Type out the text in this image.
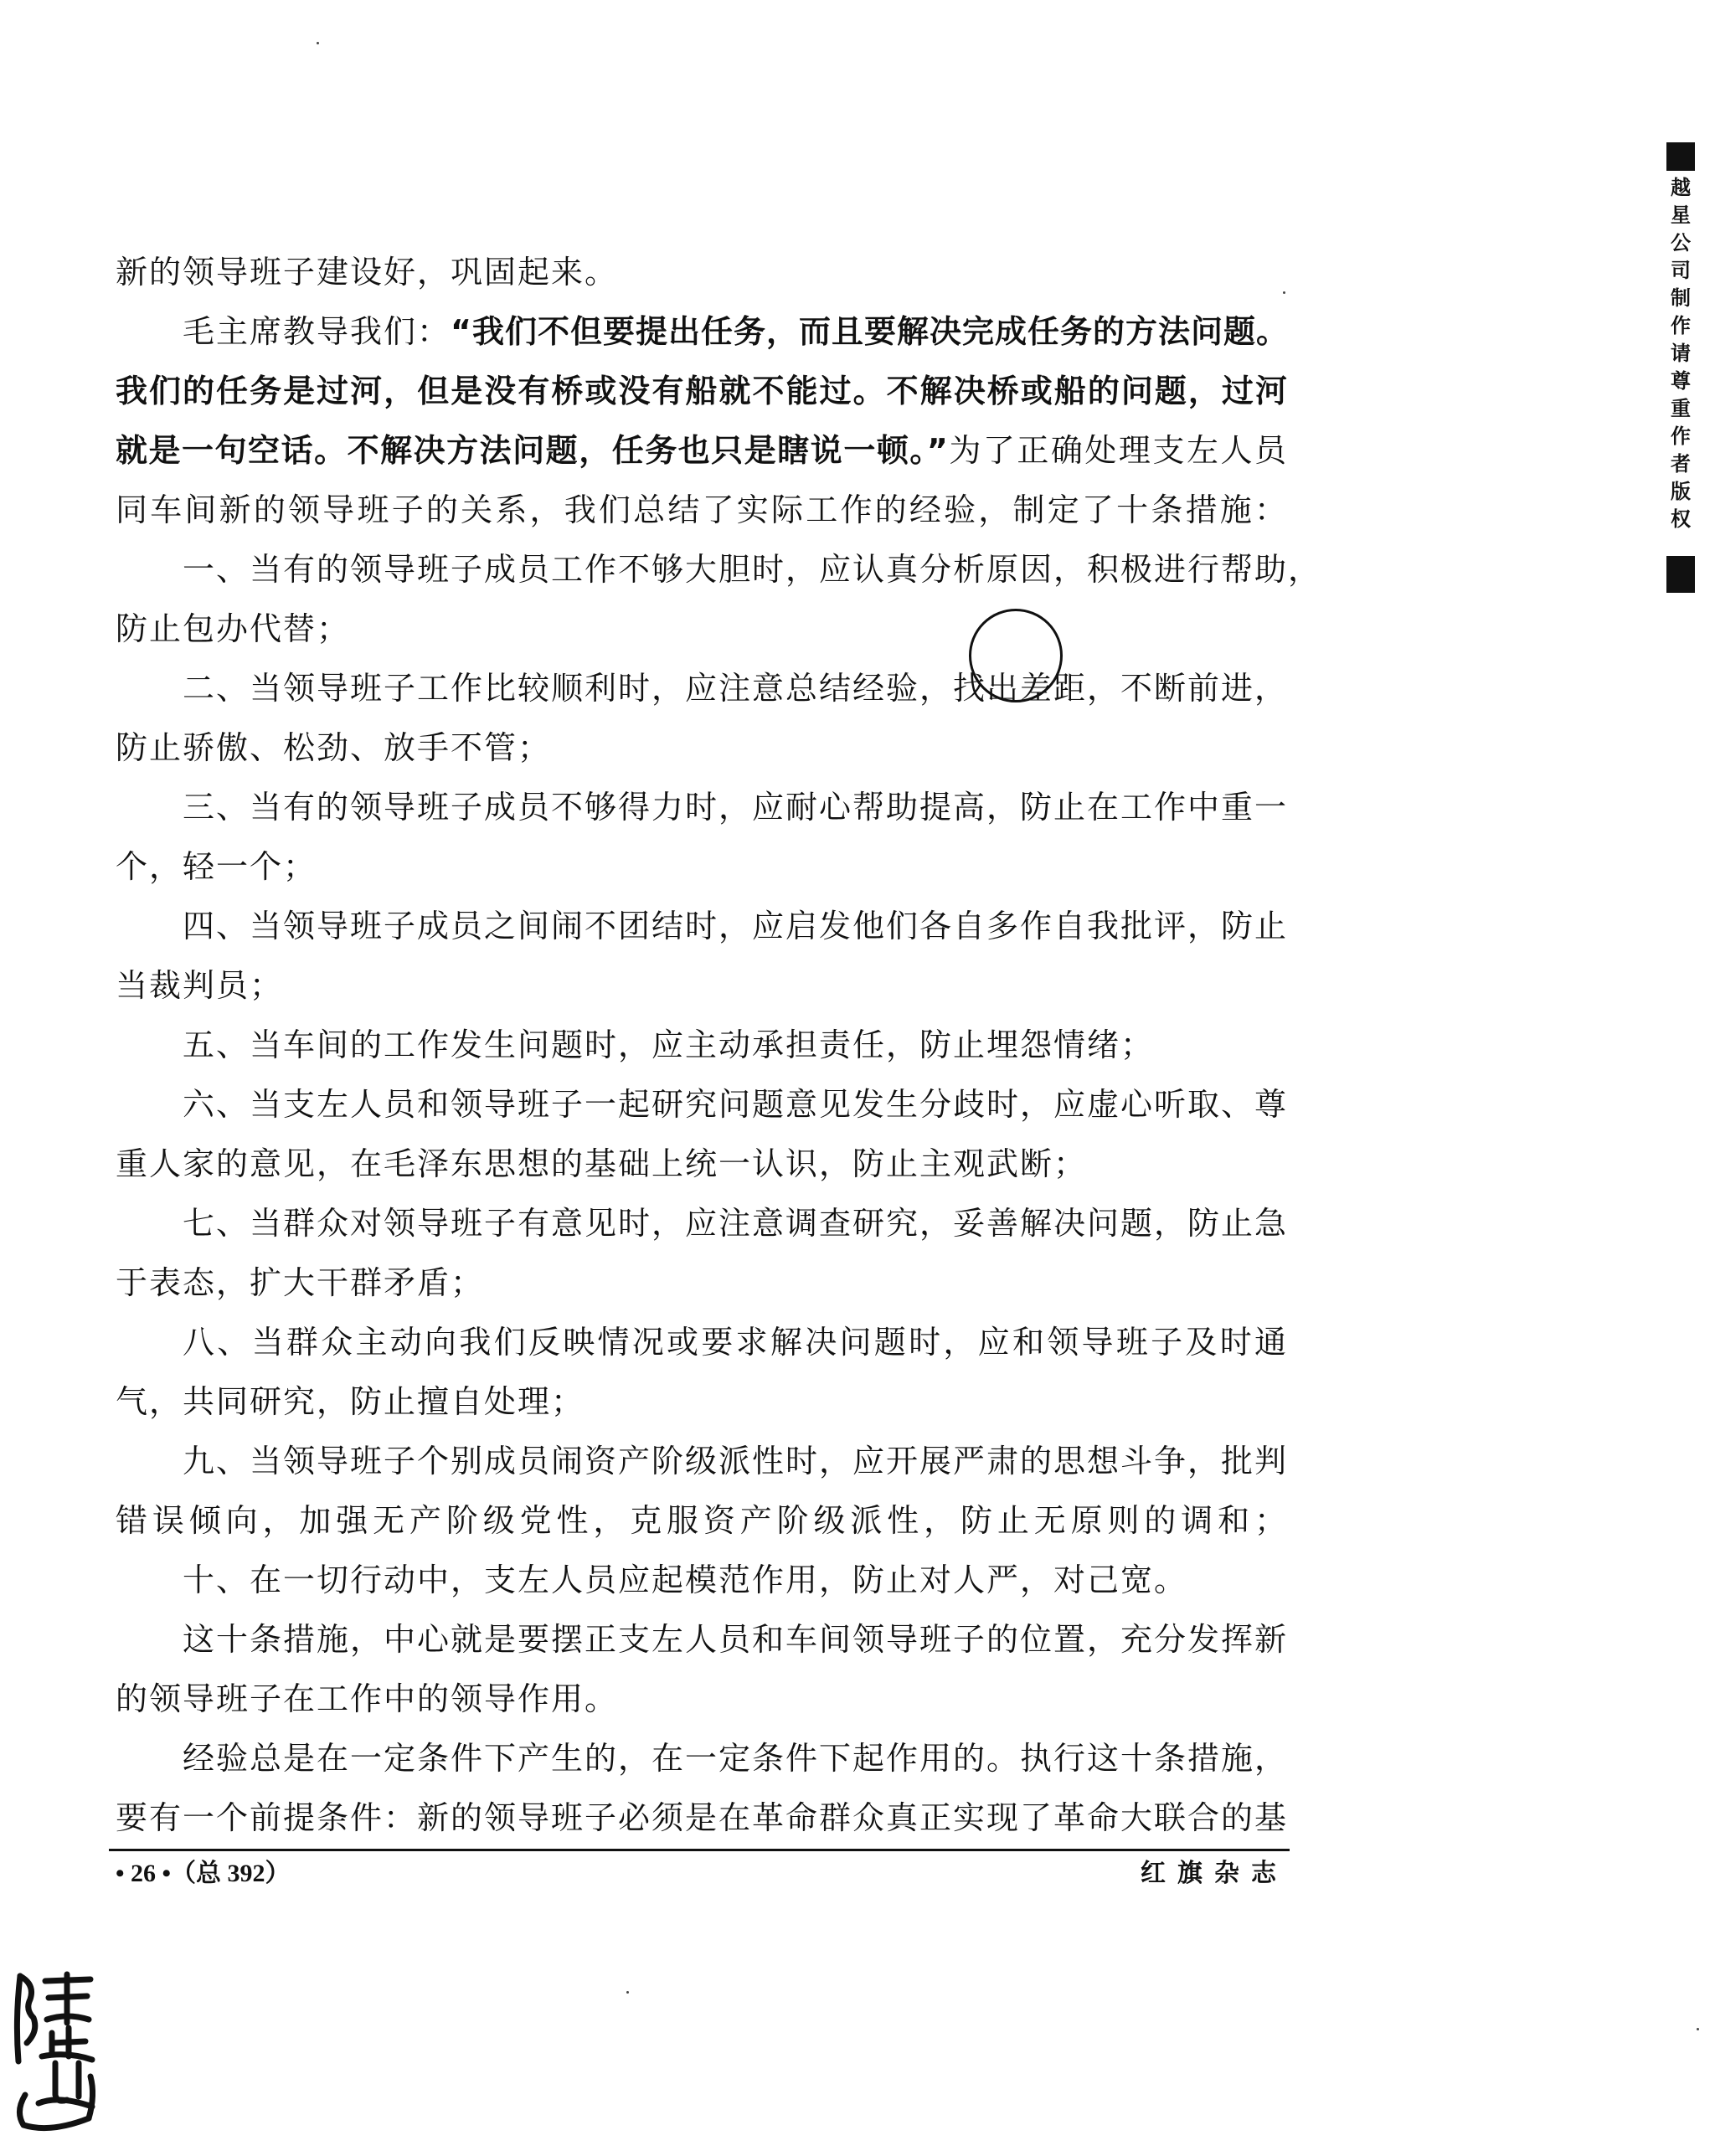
越
星
公
司
制
作
请
尊
重
作
者
版
权
新的领导班子建设好，巩固起来。
毛主席教导我们：“我们不但要提出任务，而且要解决完成任务的方法问题。
我们的任务是过河，但是没有桥或没有船就不能过。不解决桥或船的问题，过河
就是一句空话。不解决方法问题，任务也只是瞎说一顿。”为了正确处理支左人员
同车间新的领导班子的关系，我们总结了实际工作的经验，制定了十条措施：
一、当有的领导班子成员工作不够大胆时，应认真分析原因，积极进行帮助，
防止包办代替；
二、当领导班子工作比较顺利时，应注意总结经验，找出差距，不断前进，
防止骄傲、松劲、放手不管；
三、当有的领导班子成员不够得力时，应耐心帮助提高，防止在工作中重一
个，轻一个；
四、当领导班子成员之间闹不团结时，应启发他们各自多作自我批评，防止
当裁判员；
五、当车间的工作发生问题时，应主动承担责任，防止埋怨情绪；
六、当支左人员和领导班子一起研究问题意见发生分歧时，应虚心听取、尊
重人家的意见，在毛泽东思想的基础上统一认识，防止主观武断；
七、当群众对领导班子有意见时，应注意调查研究，妥善解决问题，防止急
于表态，扩大干群矛盾；
八、当群众主动向我们反映情况或要求解决问题时，应和领导班子及时通
气，共同研究，防止擅自处理；
九、当领导班子个别成员闹资产阶级派性时，应开展严肃的思想斗争，批判
错误倾向，加强无产阶级党性，克服资产阶级派性，防止无原则的调和；
十、在一切行动中，支左人员应起模范作用，防止对人严，对己宽。
这十条措施，中心就是要摆正支左人员和车间领导班子的位置，充分发挥新
的领导班子在工作中的领导作用。
经验总是在一定条件下产生的，在一定条件下起作用的。执行这十条措施，
要有一个前提条件：新的领导班子必须是在革命群众真正实现了革命大联合的基
• 26 •（总 392）	红旗杂志
